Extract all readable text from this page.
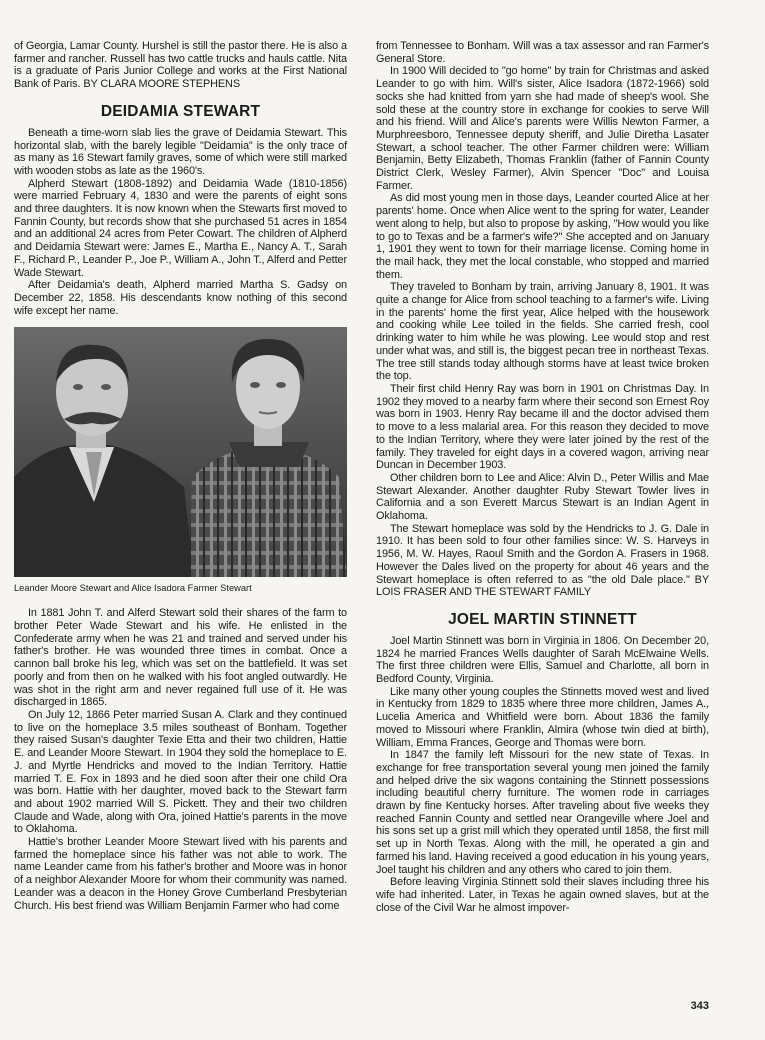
of Georgia, Lamar County. Hurshel is still the pastor there. He is also a farmer and rancher. Russell has two cattle trucks and hauls cattle. Nita is a graduate of Paris Junior College and works at the First National Bank of Paris. BY CLARA MOORE STEPHENS

DEIDAMIA STEWART

Beneath a time-worn slab lies the grave of Deidamia Stewart. This horizontal slab, with the barely legible "Deidamia" is the only trace of as many as 16 Stewart family graves, some of which were still marked with wooden stobs as late as the 1960's.

Alpherd Stewart (1808-1892) and Deidamia Wade (1810-1856) were married February 4, 1830 and were the parents of eight sons and three daughters. It is now known when the Stewarts first moved to Fannin County, but records show that she purchased 51 acres in 1854 and an additional 24 acres from Peter Cowart. The children of Alpherd and Deidamia Stewart were: James E., Martha E., Nancy A. T., Sarah F., Richard P., Leander P., Joe P., William A., John T., Alferd and Petter Wade Stewart.

After Deidamia's death, Alpherd married Martha S. Gadsy on December 22, 1858. His descendants know nothing of this second wife except her name.

Leander Moore Stewart and Alice Isadora Farmer Stewart

In 1881 John T. and Alferd Stewart sold their shares of the farm to brother Peter Wade Stewart and his wife. He enlisted in the Confederate army when he was 21 and trained and served under his father's brother. He was wounded three times in combat. Once a cannon ball broke his leg, which was set on the battlefield. It was set poorly and from then on he walked with his foot angled outwardly. He was shot in the right arm and never regained full use of it. He was discharged in 1865.

On July 12, 1866 Peter married Susan A. Clark and they continued to live on the homeplace 3.5 miles southeast of Bonham. Together they raised Susan's daughter Texie Etta and their two children, Hattie E. and Leander Moore Stewart. In 1904 they sold the homeplace to E. J. and Myrtle Hendricks and moved to the Indian Territory. Hattie married T. E. Fox in 1893 and he died soon after their one child Ora was born. Hattie with her daughter, moved back to the Stewart farm and about 1902 married Will S. Pickett. They and their two children Claude and Wade, along with Ora, joined Hattie's parents in the move to Oklahoma.

Hattie's brother Leander Moore Stewart lived with his parents and farmed the homeplace since his father was not able to work. The name Leander came from his father's brother and Moore was in honor of a neighbor Alexander Moore for whom their community was named. Leander was a deacon in the Honey Grove Cumberland Presbyterian Church. His best friend was William Benjamin Farmer who had come

from Tennessee to Bonham. Will was a tax assessor and ran Farmer's General Store.

In 1900 Will decided to "go home" by train for Christmas and asked Leander to go with him. Will's sister, Alice Isadora (1872-1966) sold socks she had knitted from yarn she had made of sheep's wool. She sold these at the country store in exchange for cookies to serve Will and his friend. Will and Alice's parents were Willis Newton Farmer, a Murphreesboro, Tennessee deputy sheriff, and Julie Diretha Lasater Stewart, a school teacher. The other Farmer children were: William Benjamin, Betty Elizabeth, Thomas Franklin (father of Fannin County District Clerk, Wesley Farmer), Alvin Spencer "Doc" and Louisa Farmer.

As did most young men in those days, Leander courted Alice at her parents' home. Once when Alice went to the spring for water, Leander went along to help, but also to propose by asking, "How would you like to go to Texas and be a farmer's wife?" She accepted and on January 1, 1901 they went to town for their marriage license. Coming home in the mail hack, they met the local constable, who stopped and married them.

They traveled to Bonham by train, arriving January 8, 1901. It was quite a change for Alice from school teaching to a farmer's wife. Living in the parents' home the first year, Alice helped with the housework and cooking while Lee toiled in the fields. She carried fresh, cool drinking water to him while he was plowing. Lee would stop and rest under what was, and still is, the biggest pecan tree in northeast Texas. The tree still stands today although storms have at least twice broken the top.

Their first child Henry Ray was born in 1901 on Christmas Day. In 1902 they moved to a nearby farm where their second son Ernest Roy was born in 1903. Henry Ray became ill and the doctor advised them to move to a less malarial area. For this reason they decided to move to the Indian Territory, where they were later joined by the rest of the family. They traveled for eight days in a covered wagon, arriving near Duncan in December 1903.

Other children born to Lee and Alice: Alvin D., Peter Willis and Mae Stewart Alexander. Another daughter Ruby Stewart Towler lives in California and a son Everett Marcus Stewart is an Indian Agent in Oklahoma.

The Stewart homeplace was sold by the Hendricks to J. G. Dale in 1910. It has been sold to four other families since: W. S. Harveys in 1956, M. W. Hayes, Raoul Smith and the Gordon A. Frasers in 1968. However the Dales lived on the property for about 46 years and the Stewart homeplace is often referred to as "the old Dale place." BY LOIS FRASER AND THE STEWART FAMILY

JOEL MARTIN STINNETT

Joel Martin Stinnett was born in Virginia in 1806. On December 20, 1824 he married Frances Wells daughter of Sarah McElwaine Wells. The first three children were Ellis, Samuel and Charlotte, all born in Bedford County, Virginia.

Like many other young couples the Stinnetts moved west and lived in Kentucky from 1829 to 1835 where three more children, James A., Lucelia America and Whitfield were born. About 1836 the family moved to Missouri where Franklin, Almira (whose twin died at birth), William, Emma Frances, George and Thomas were born.

In 1847 the family left Missouri for the new state of Texas. In exchange for free transportation several young men joined the family and helped drive the six wagons containing the Stinnett possessions including beautiful cherry furniture. The women rode in carriages drawn by fine Kentucky horses. After traveling about five weeks they reached Fannin County and settled near Orangeville where Joel and his sons set up a grist mill which they operated until 1858, the first mill set up in North Texas. Along with the mill, he operated a gin and farmed his land. Having received a good education in his young years, Joel taught his children and any others who cared to join them.

Before leaving Virginia Stinnett sold their slaves including three his wife had inherited. Later, in Texas he again owned slaves, but at the close of the Civil War he almost impover-

343
